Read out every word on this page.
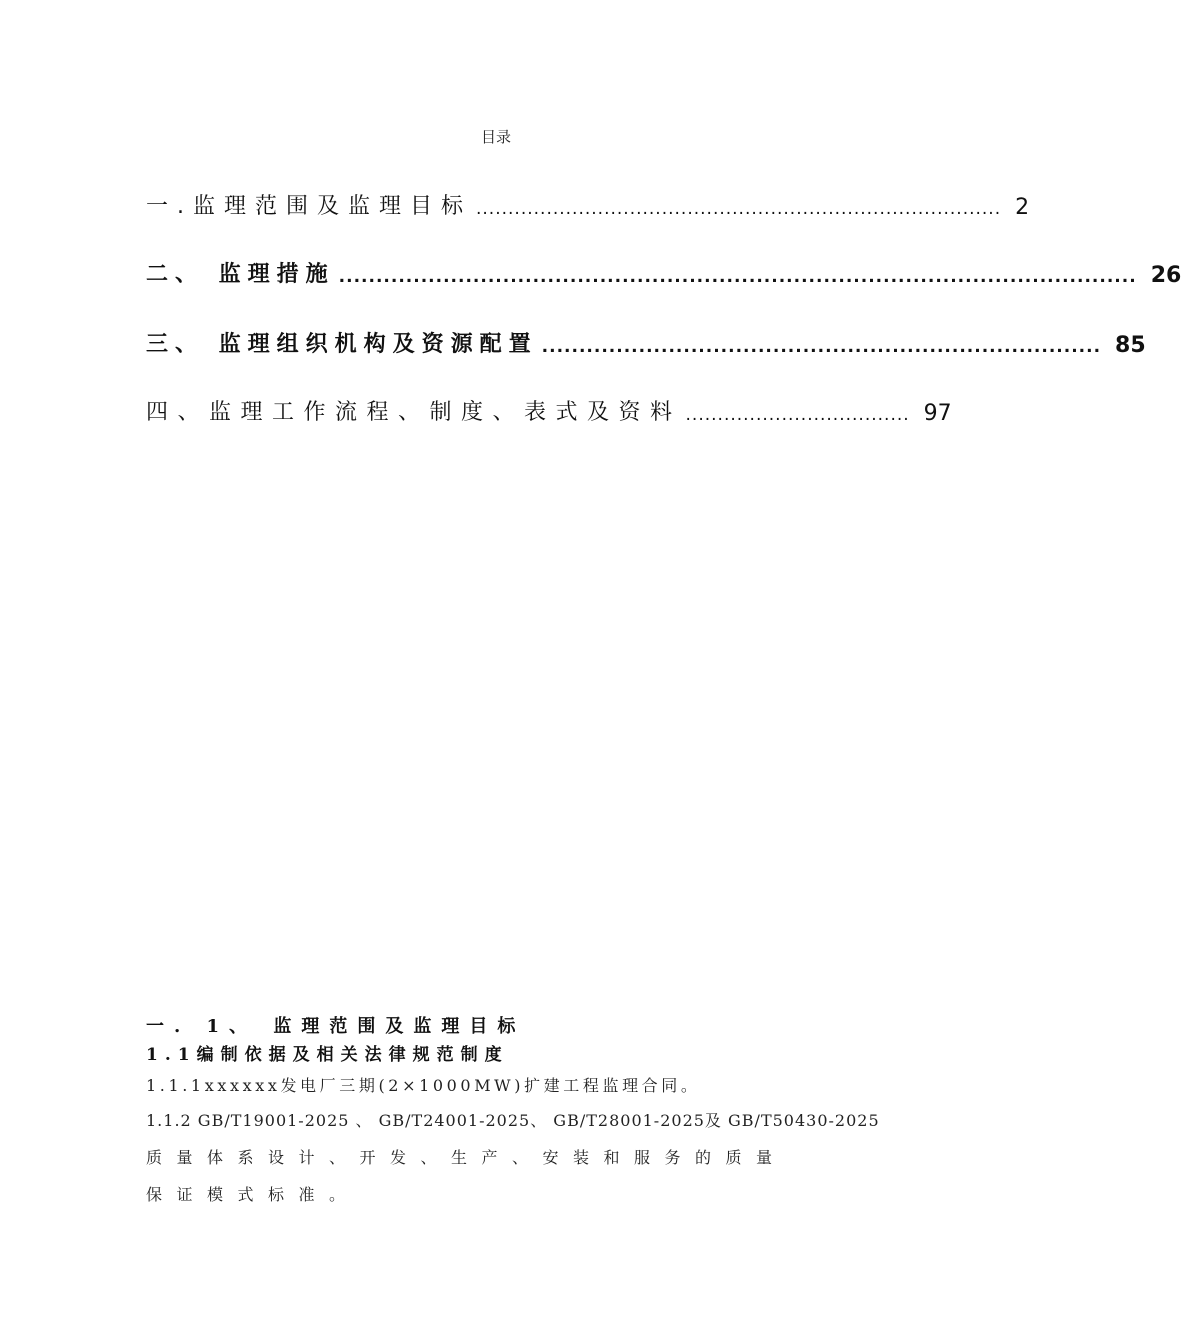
目录
一.监理范围及监理目标 .................................................................................. 2
二、 监理措施 ........................................................................................................... 26
三、 监理组织机构及资源配置 ........................................................................... 85
四、监理工作流程、制度、表式及资料 ................................... 97
一. 1、 监理范围及监理目标
1.1编制依据及相关法律规范制度
1.1.1xxxxxx发电厂三期(2×1000MW)扩建工程监理合同。
1.1.2 GB/T19001-2025 、 GB/T24001-2025、 GB/T28001-2025及 GB/T50430-2025
质量体系设计、开发、生产、安装和服务的质量
保证模式标准。
